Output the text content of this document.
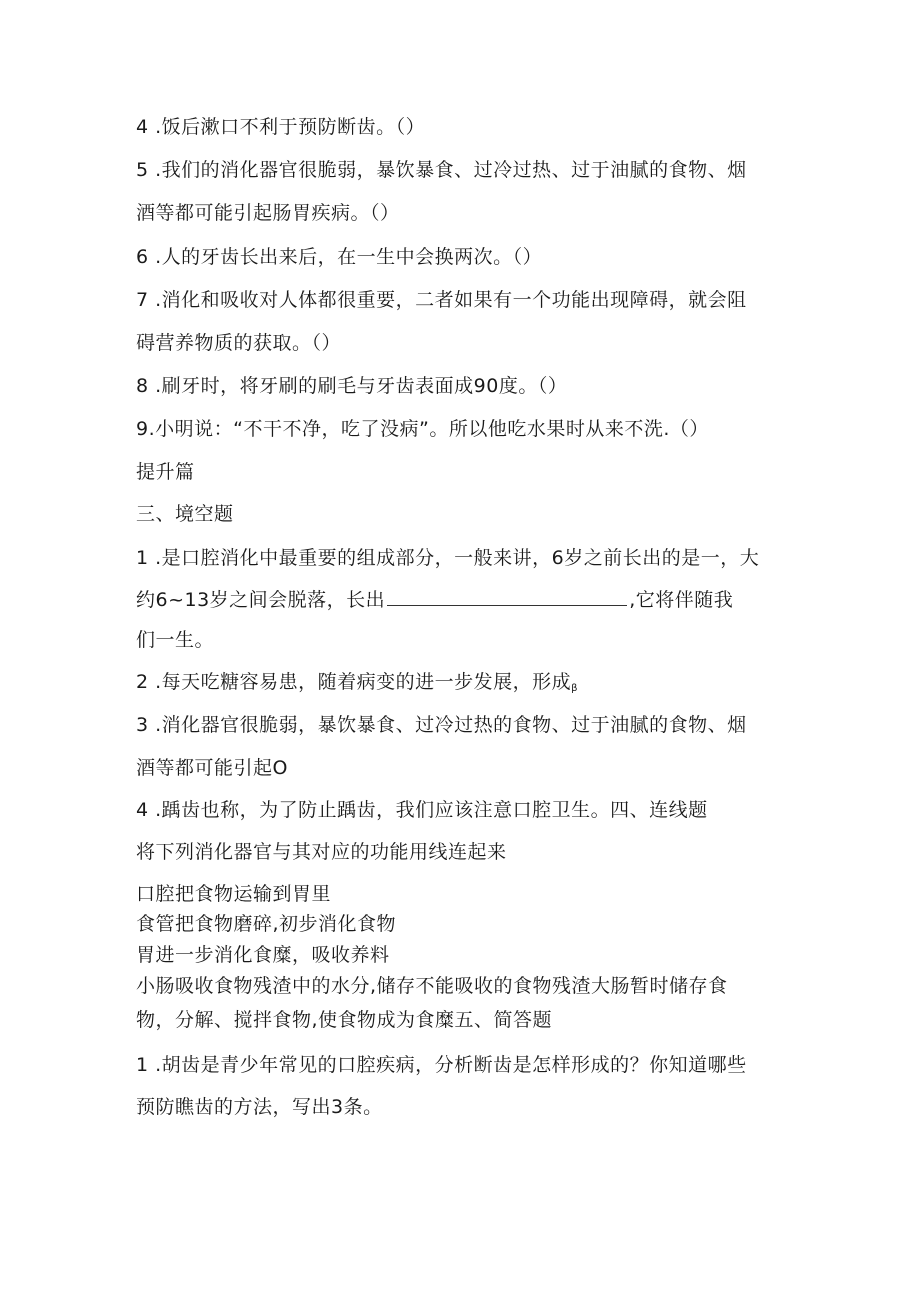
4 .饭后漱口不利于预防断齿。（）
5 .我们的消化器官很脆弱，暴饮暴食、过冷过热、过于油腻的食物、烟
酒等都可能引起肠胃疾病。（）
6 .人的牙齿长出来后，在一生中会换两次。（）
7 .消化和吸收对人体都很重要，二者如果有一个功能出现障碍，就会阻
碍营养物质的获取。（）
8 .刷牙时，将牙刷的刷毛与牙齿表面成90度。（）
9.小明说：“不干不净，吃了没病”。所以他吃水果时从来不洗.（）
提升篇
三、境空题
1 .是口腔消化中最重要的组成部分，一般来讲，6岁之前长出的是一，大
约6~13岁之间会脱落，长出	,它将伴随我
们一生。
2 .每天吃糖容易患，随着病变的进一步发展，形成$_\beta$
3 .消化器官很脆弱，暴饮暴食、过冷过热的食物、过于油腻的食物、烟
酒等都可能引起O
4 .踽齿也称，为了防止踽齿，我们应该注意口腔卫生。四、连线题
将下列消化器官与其对应的功能用线连起来
口腔把食物运输到胃里
食管把食物磨碎,初步消化食物
胃进一步消化食糜，吸收养料
小肠吸收食物残渣中的水分,储存不能吸收的食物残渣大肠暂时储存食
物，分解、搅拌食物,使食物成为食糜五、简答题
1 .胡齿是青少年常见的口腔疾病，分析断齿是怎样形成的？你知道哪些
预防瞧齿的方法，写出3条。
